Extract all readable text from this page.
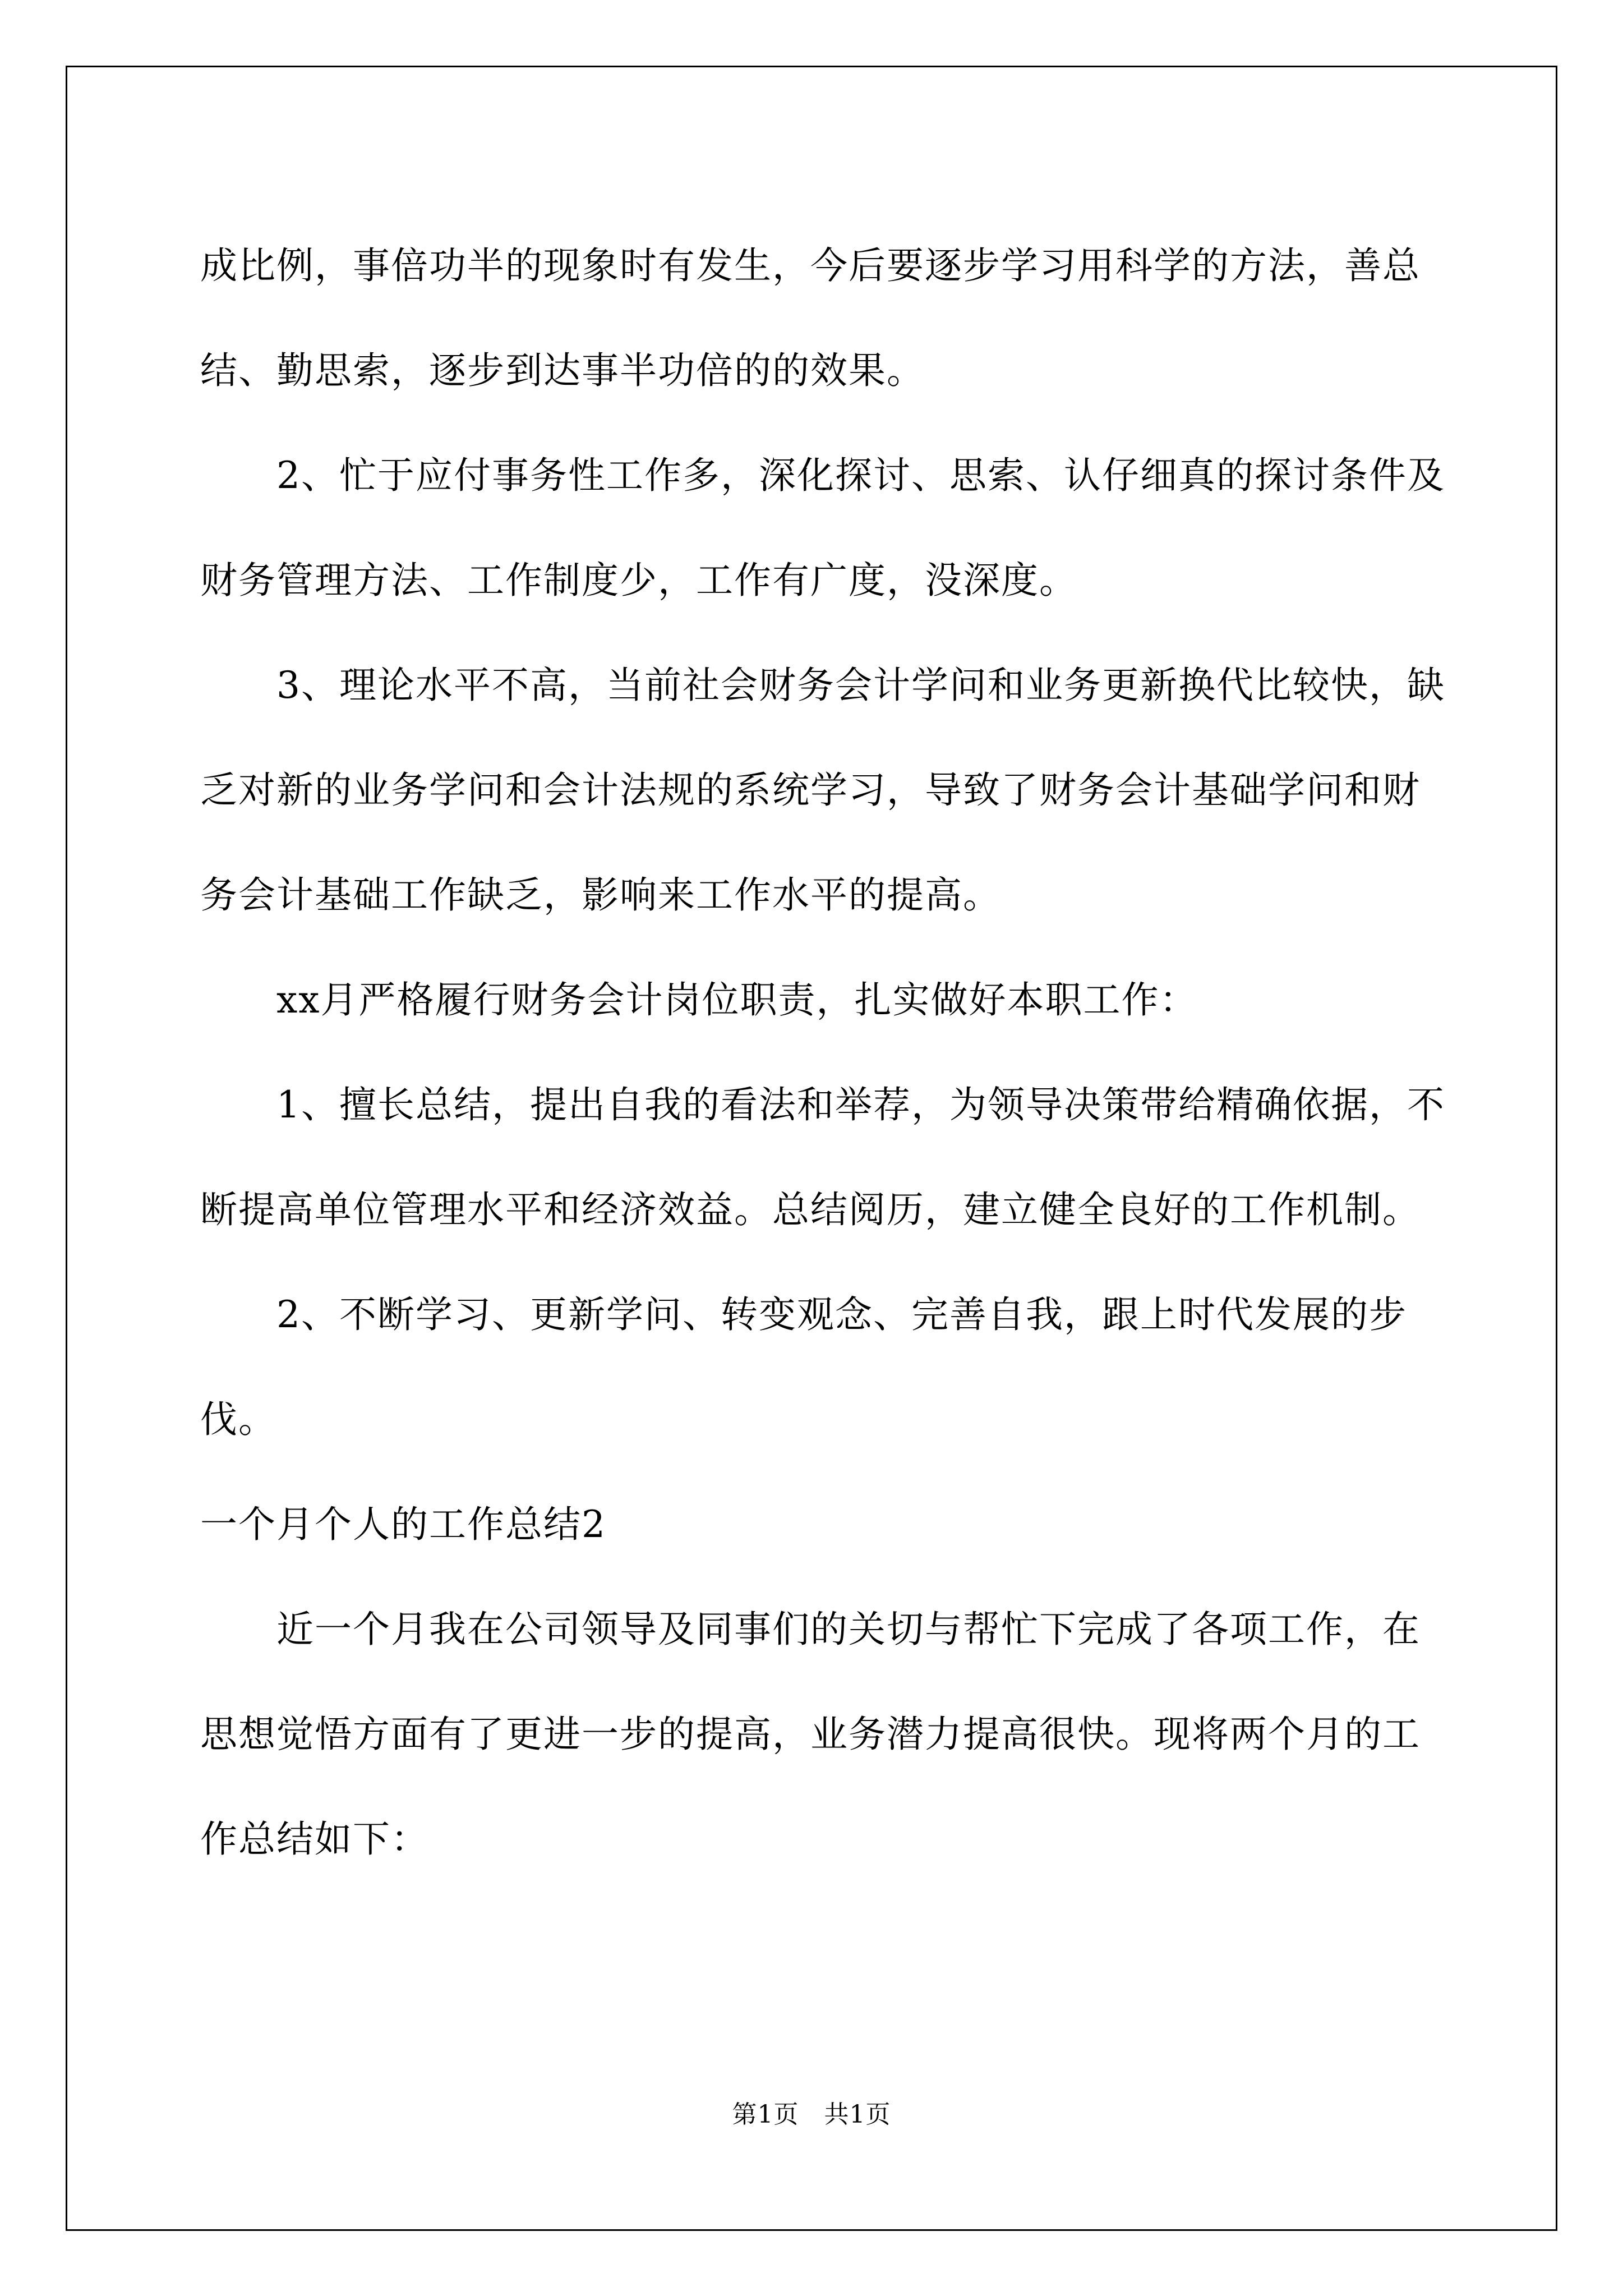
成比例，事倍功半的现象时有发生，今后要逐步学习用科学的方法，善总结、勤思索，逐步到达事半功倍的的效果。

2、忙于应付事务性工作多，深化探讨、思索、认仔细真的探讨条件及财务管理方法、工作制度少，工作有广度，没深度。

3、理论水平不高，当前社会财务会计学问和业务更新换代比较快，缺乏对新的业务学问和会计法规的系统学习，导致了财务会计基础学问和财务会计基础工作缺乏，影响来工作水平的提高。

xx月严格履行财务会计岗位职责，扎实做好本职工作：

1、擅长总结，提出自我的看法和举荐，为领导决策带给精确依据，不断提高单位管理水平和经济效益。总结阅历，建立健全良好的工作机制。

2、不断学习、更新学问、转变观念、完善自我，跟上时代发展的步伐。

一个月个人的工作总结2

近一个月我在公司领导及同事们的关切与帮忙下完成了各项工作，在思想觉悟方面有了更进一步的提高，业务潜力提高很快。现将两个月的工作总结如下：

第1页　共1页
